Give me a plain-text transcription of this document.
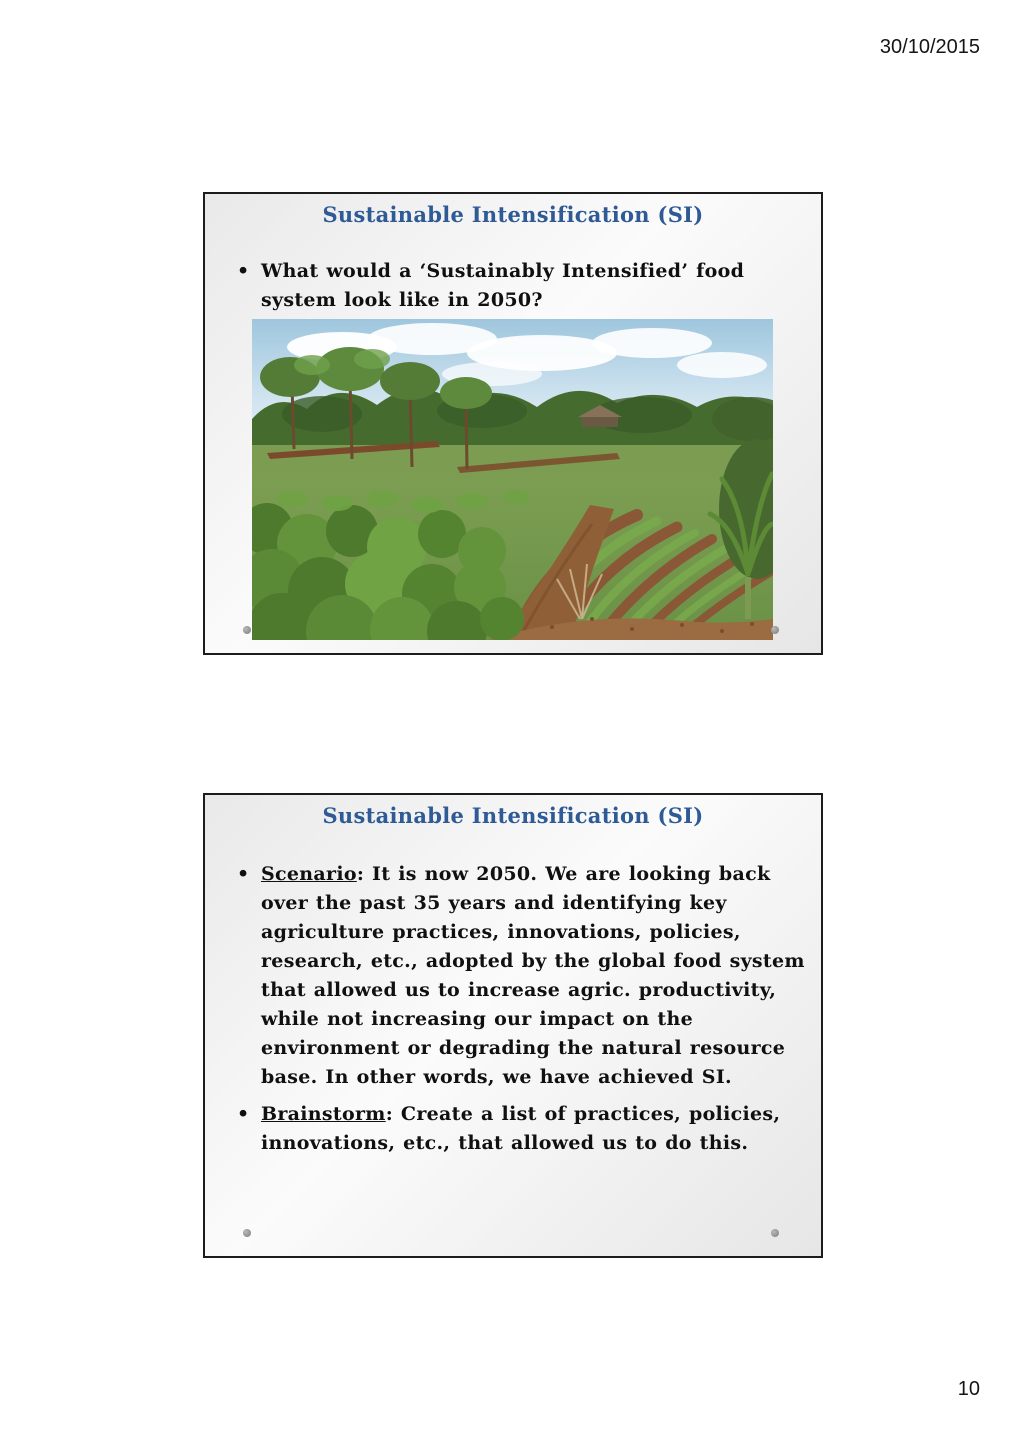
30/10/2015
Sustainable Intensification (SI)
• What would a ‘Sustainably Intensified’ food system look like in 2050?
Sustainable Intensification (SI)
• Scenario: It is now 2050. We are looking back over the past 35 years and identifying key agriculture practices, innovations, policies, research, etc., adopted by the global food system that allowed us to increase agric. productivity, while not increasing our impact on the environment or degrading the natural resource base. In other words, we have achieved SI.
• Brainstorm: Create a list of practices, policies, innovations, etc., that allowed us to do this.
10
